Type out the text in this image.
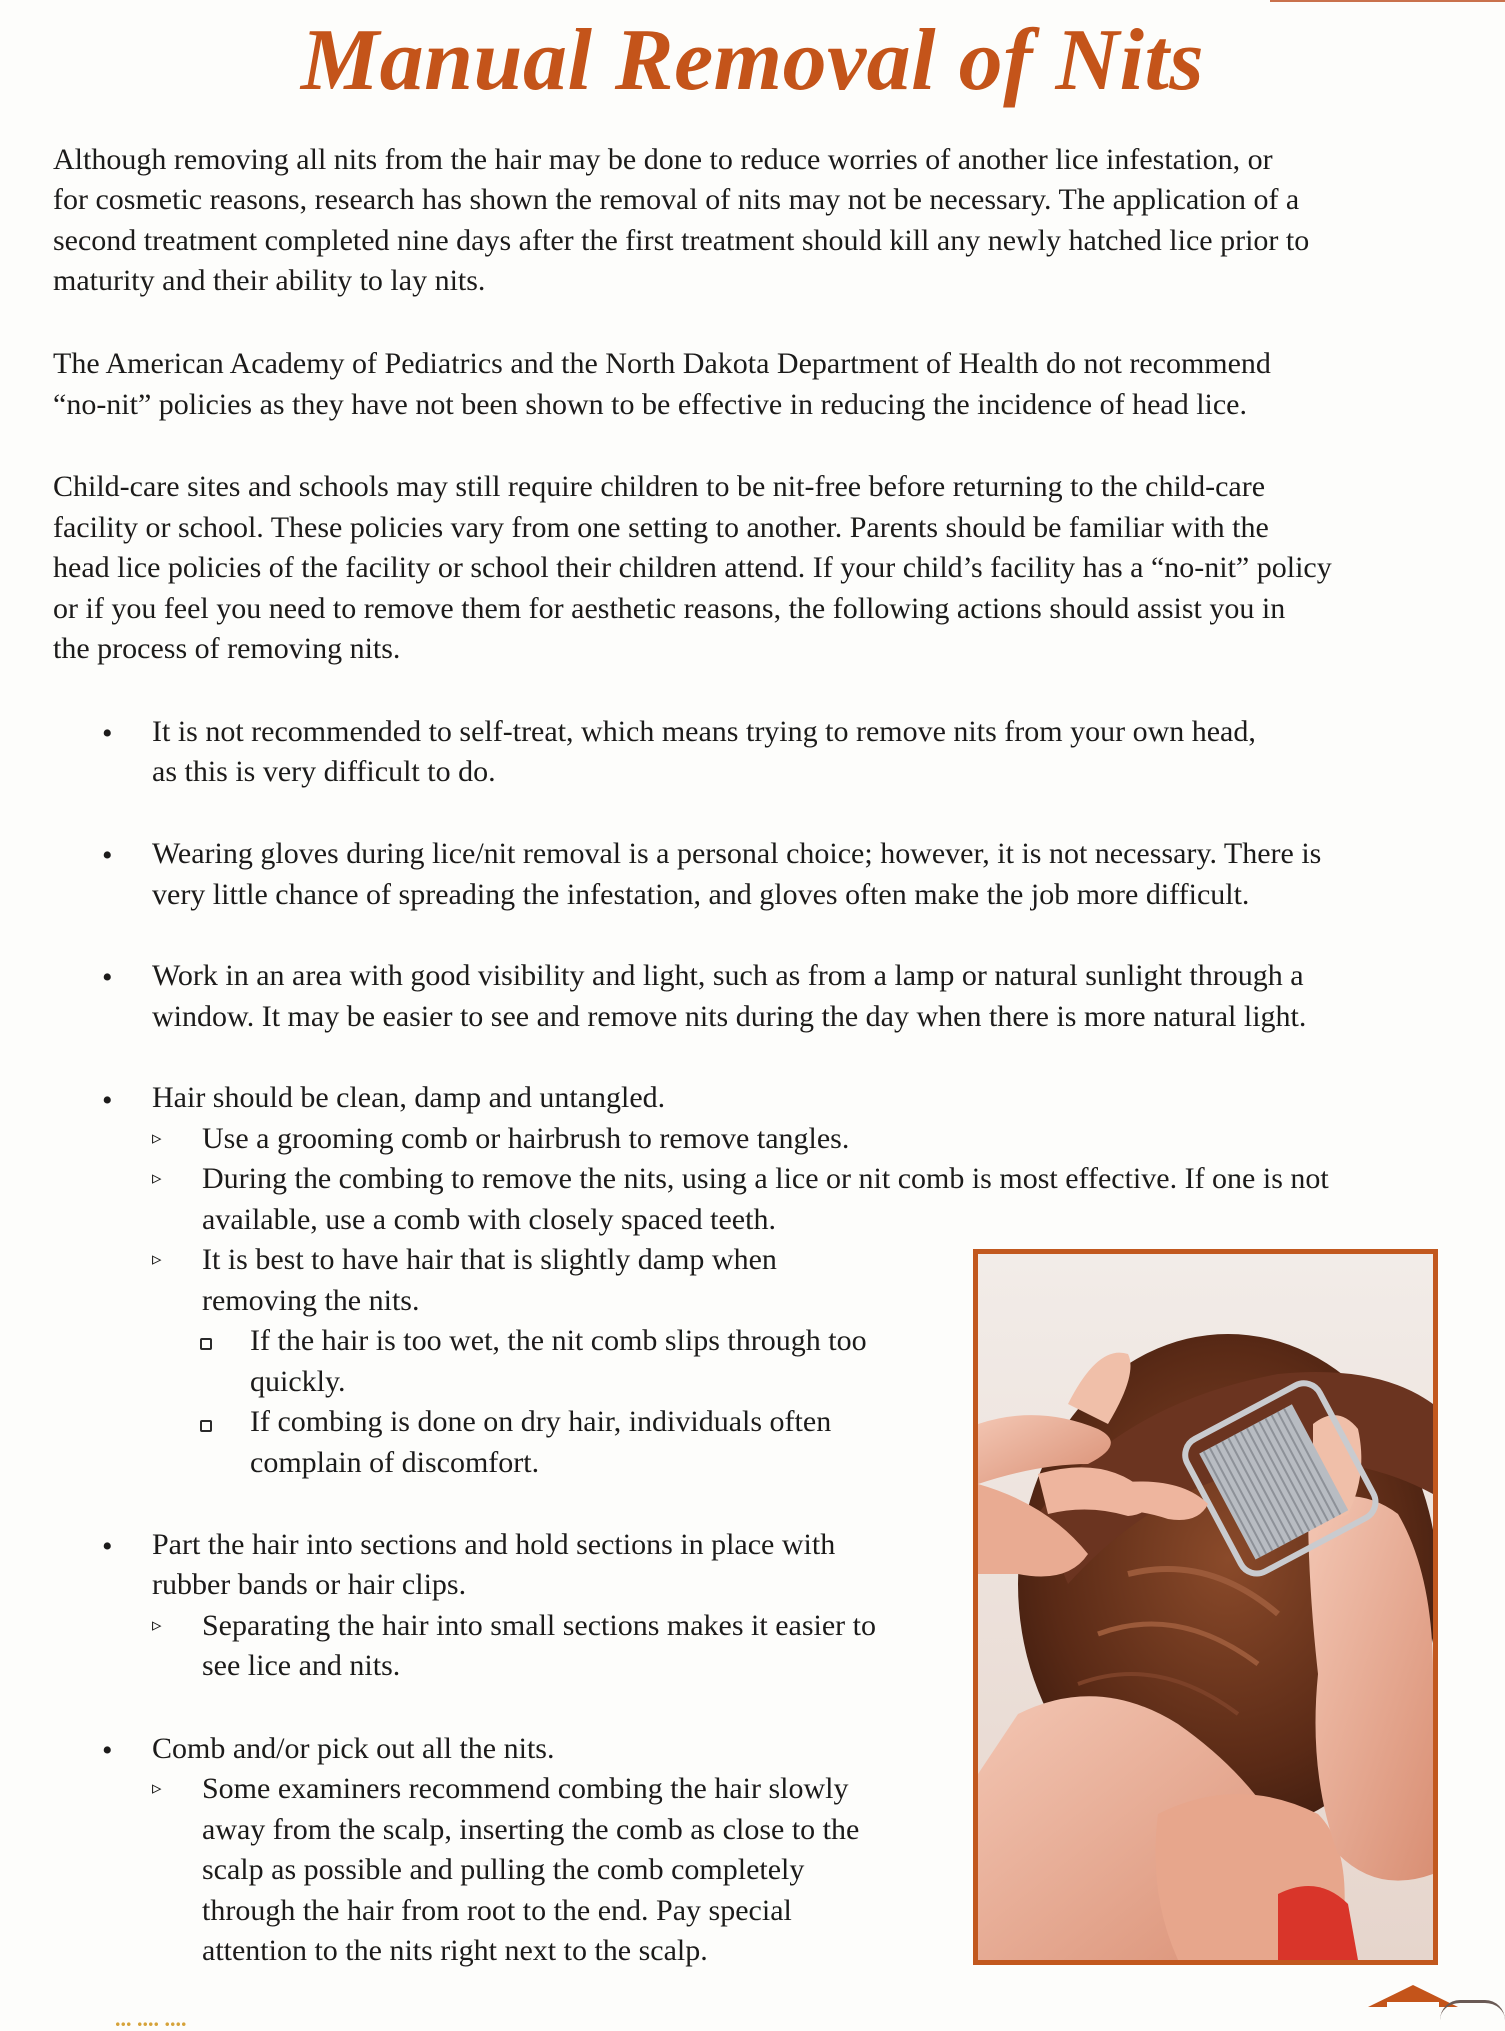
Manual Removal of Nits

Although removing all nits from the hair may be done to reduce worries of another lice infestation, or

for cosmetic reasons, research has shown the removal of nits may not be necessary. The application of a

second treatment completed nine days after the first treatment should kill any newly hatched lice prior to

maturity and their ability to lay nits.

The American Academy of Pediatrics and the North Dakota Department of Health do not recommend

“no-nit” policies as they have not been shown to be effective in reducing the incidence of head lice.

Child-care sites and schools may still require children to be nit-free before returning to the child-care

facility or school. These policies vary from one setting to another. Parents should be familiar with the

head lice policies of the facility or school their children attend. If your child’s facility has a “no-nit” policy

or if you feel you need to remove them for aesthetic reasons, the following actions should assist you in

the process of removing nits.

•	It is not recommended to self-treat, which means trying to remove nits from your own head,

as this is very difficult to do.

•	Wearing gloves during lice/nit removal is a personal choice; however, it is not necessary. There is

very little chance of spreading the infestation, and gloves often make the job more difficult.

•	Work in an area with good visibility and light, such as from a lamp or natural sunlight through a

window. It may be easier to see and remove nits during the day when there is more natural light.

•	Hair should be clean, damp and untangled.

▹	Use a grooming comb or hairbrush to remove tangles.

▹	During the combing to remove the nits, using a lice or nit comb is most effective. If one is not

available, use a comb with closely spaced teeth.

▹	It is best to have hair that is slightly damp when

removing the nits.

If the hair is too wet, the nit comb slips through too

quickly.

If combing is done on dry hair, individuals often

complain of discomfort.

•	Part the hair into sections and hold sections in place with

rubber bands or hair clips.

▹	Separating the hair into small sections makes it easier to

see lice and nits.

•	Comb and/or pick out all the nits.

▹	Some examiners recommend combing the hair slowly

away from the scalp, inserting the comb as close to the

scalp as possible and pulling the comb completely

through the hair from root to the end. Pay special

attention to the nits right next to the scalp.

... .... ....
